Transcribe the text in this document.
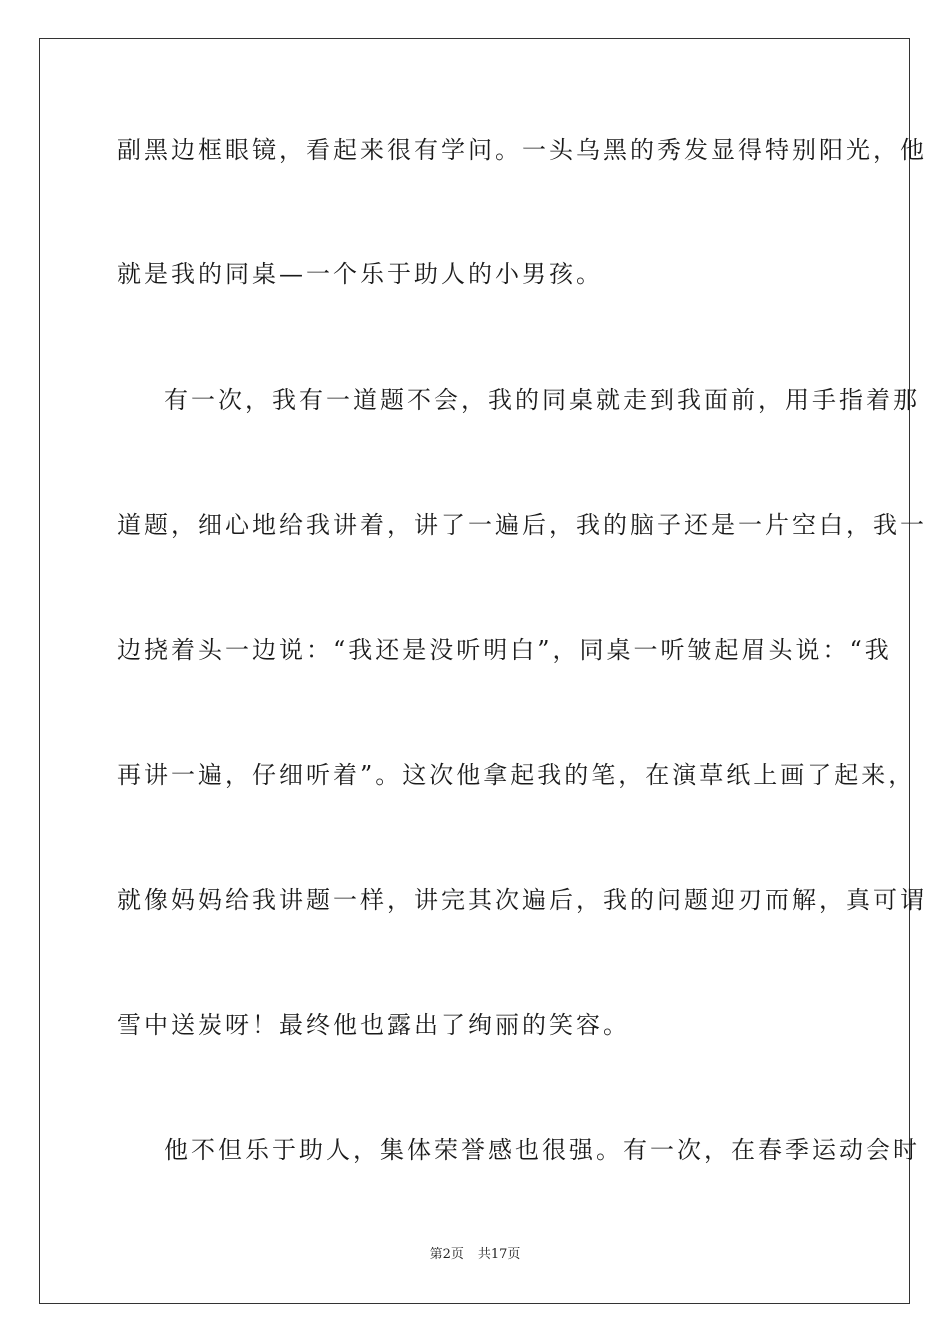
副黑边框眼镜，看起来很有学问。一头乌黑的秀发显得特别阳光，他
就是我的同桌—一个乐于助人的小男孩。
有一次，我有一道题不会，我的同桌就走到我面前，用手指着那
道题，细心地给我讲着，讲了一遍后，我的脑子还是一片空白，我一
边挠着头一边说：“我还是没听明白”，同桌一听皱起眉头说：“我
再讲一遍，仔细听着”。这次他拿起我的笔，在演草纸上画了起来，
就像妈妈给我讲题一样，讲完其次遍后，我的问题迎刃而解，真可谓
雪中送炭呀！最终他也露出了绚丽的笑容。
他不但乐于助人，集体荣誉感也很强。有一次，在春季运动会时
第2页 共17页
